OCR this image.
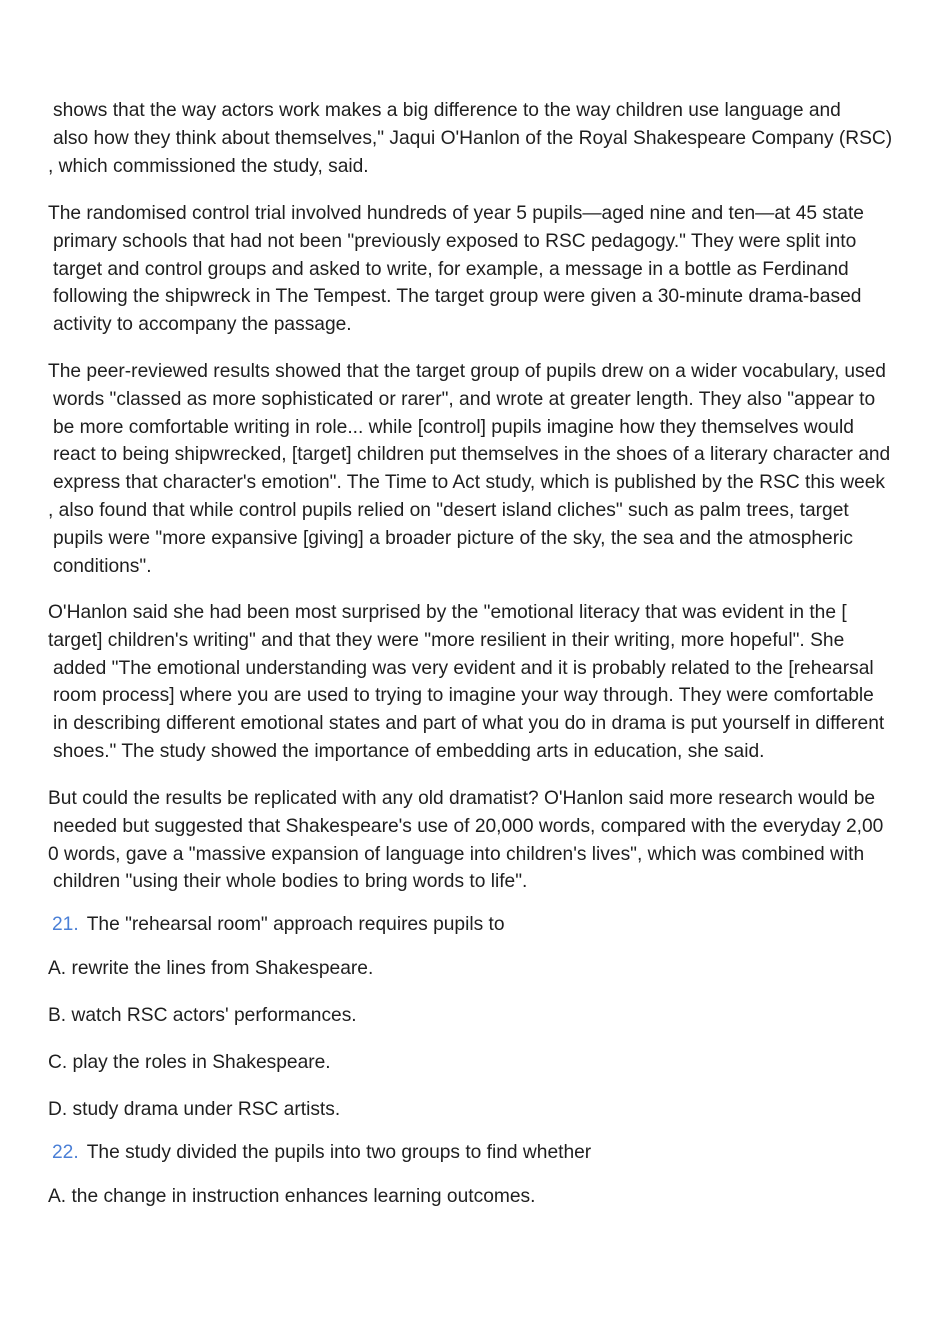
shows that the way actors work makes a big difference to the way children use language and
also how they think about themselves," Jaqui O'Hanlon of the Royal Shakespeare Company (RSC)
, which commissioned the study, said.

The randomised control trial involved hundreds of year 5 pupils—aged nine and ten—at 45 state
primary schools that had not been "previously exposed to RSC pedagogy." They were split into
target and control groups and asked to write, for example, a message in a bottle as Ferdinand
following the shipwreck in The Tempest. The target group were given a 30-minute drama-based
activity to accompany the passage.

The peer-reviewed results showed that the target group of pupils drew on a wider vocabulary, used
words "classed as more sophisticated or rarer", and wrote at greater length. They also "appear to
be more comfortable writing in role... while [control] pupils imagine how they themselves would
react to being shipwrecked, [target] children put themselves in the shoes of a literary character and
express that character's emotion". The Time to Act study, which is published by the RSC this week
, also found that while control pupils relied on "desert island cliches" such as palm trees, target
pupils were "more expansive [giving] a broader picture of the sky, the sea and the atmospheric
conditions".

O'Hanlon said she had been most surprised by the "emotional literacy that was evident in the [
target] children's writing" and that they were "more resilient in their writing, more hopeful". She
added "The emotional understanding was very evident and it is probably related to the [rehearsal
room process] where you are used to trying to imagine your way through. They were comfortable
in describing different emotional states and part of what you do in drama is put yourself in different
shoes." The study showed the importance of embedding arts in education, she said.

But could the results be replicated with any old dramatist? O'Hanlon said more research would be
needed but suggested that Shakespeare's use of 20,000 words, compared with the everyday 2,00
0 words, gave a "massive expansion of language into children's lives", which was combined with
children "using their whole bodies to bring words to life".

21. The "rehearsal room" approach requires pupils to
A. rewrite the lines from Shakespeare.
B. watch RSC actors' performances.
C. play the roles in Shakespeare.
D. study drama under RSC artists.
22. The study divided the pupils into two groups to find whether
A. the change in instruction enhances learning outcomes.
